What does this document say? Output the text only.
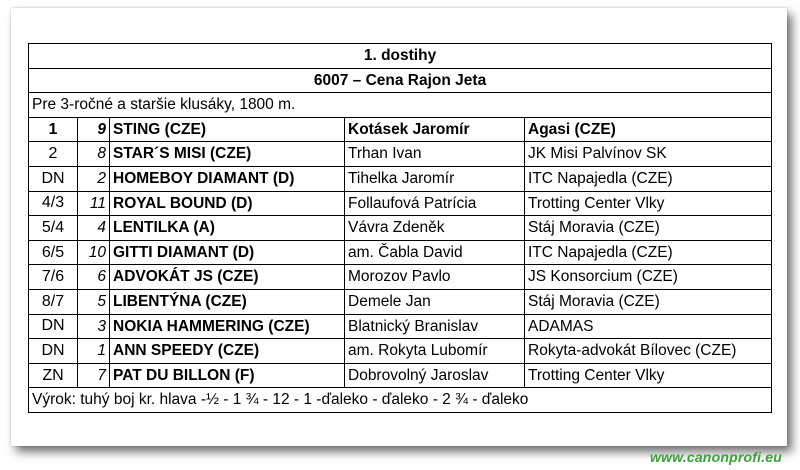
1. dostihy				
6007 – Cena Rajon Jeta				
Pre 3-ročné a staršie klusáky, 1800 m.				
1	9	STING (CZE)	Kotásek Jaromír	Agasi (CZE)
2	8	STAR´S MISI (CZE)	Trhan Ivan	JK Misi Palvínov SK
DN	2	HOMEBOY DIAMANT (D)	Tihelka Jaromír	ITC Napajedla (CZE)
4/3	11	ROYAL BOUND (D)	Follaufová Patrícia	Trotting Center Vlky
5/4	4	LENTILKA (A)	Vávra Zdeněk	Stáj Moravia (CZE)
6/5	10	GITTI DIAMANT (D)	am. Čabla David	ITC Napajedla (CZE)
7/6	6	ADVOKÁT JS (CZE)	Morozov Pavlo	JS Konsorcium (CZE)
8/7	5	LIBENTÝNA (CZE)	Demele Jan	Stáj Moravia (CZE)
DN	3	NOKIA HAMMERING (CZE)	Blatnický Branislav	ADAMAS
DN	1	ANN SPEEDY (CZE)	am. Rokyta Lubomír	Rokyta-advokát Bílovec (CZE)
ZN	7	PAT DU BILLON (F)	Dobrovolný Jaroslav	Trotting Center Vlky
Výrok: tuhý boj kr. hlava -½ - 1 ¾ - 12 - 1 -ďaleko - ďaleko - 2 ¾ - ďaleko				
www.canonprofi.eu
